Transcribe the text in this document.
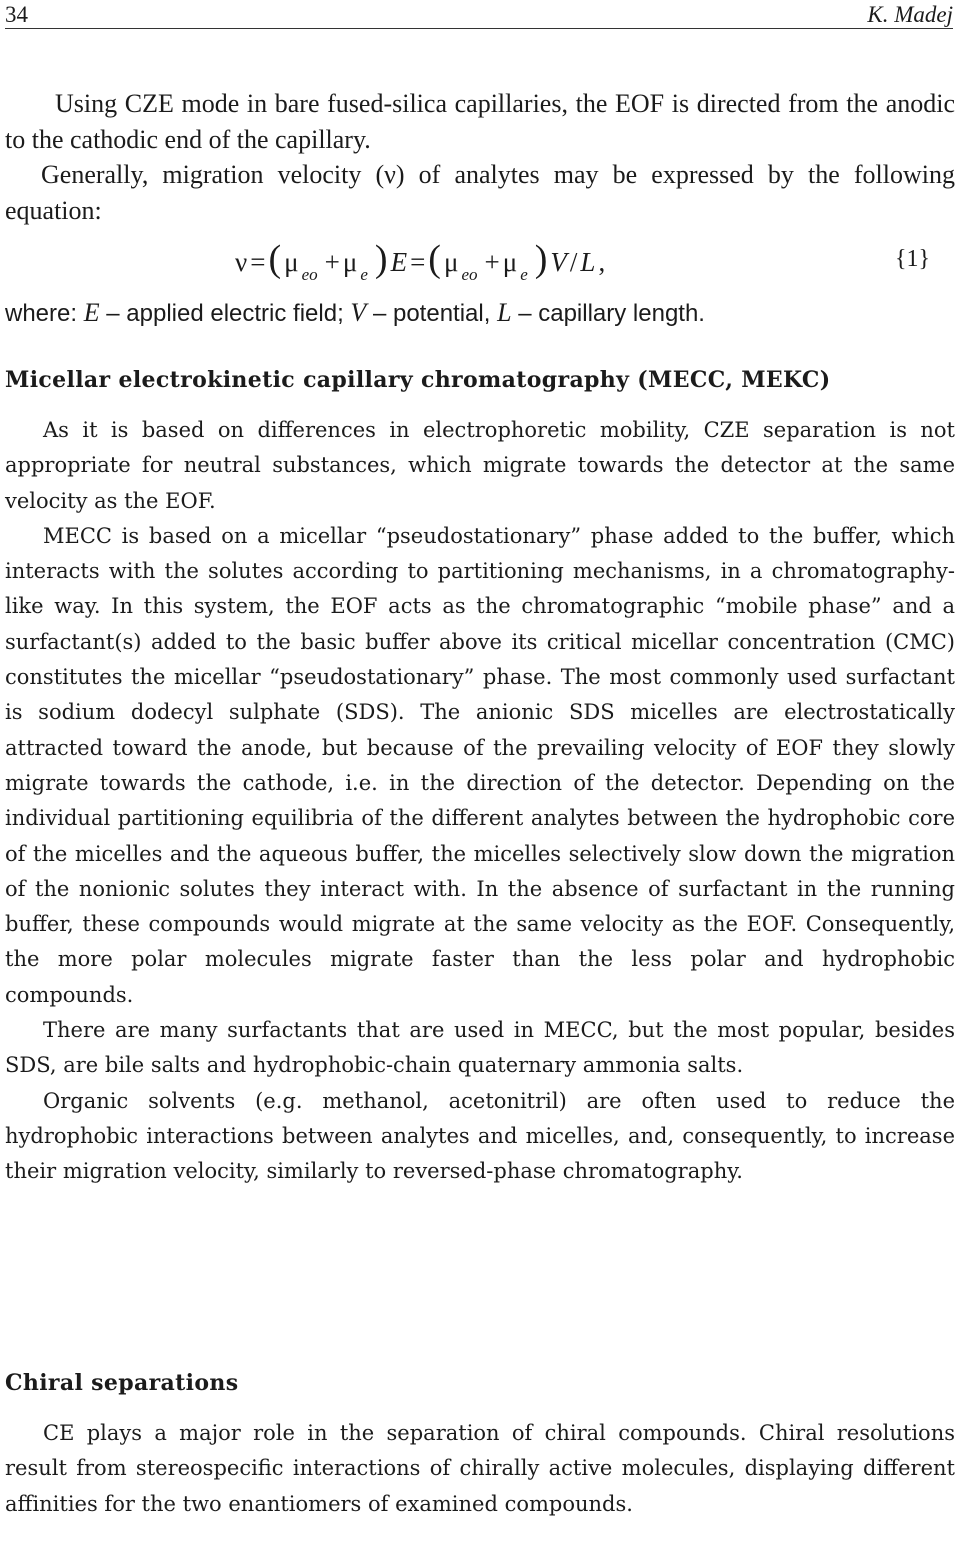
34	K. Madej

Using CZE mode in bare fused-silica capillaries, the EOF is directed from the anodic to the cathodic end of the capillary.

Generally, migration velocity (ν) of analytes may be expressed by the following equation:

ν = ( μ eo + μ e ) E = ( μ eo + μ e ) V / L ,	{1}
where: E – applied electric field; V – potential, L – capillary length.
Micellar electrokinetic capillary chromatography (MECC, MEKC)

As it is based on differences in electrophoretic mobility, CZE separation is not appropriate for neutral substances, which migrate towards the detector at the same velocity as the EOF.

MECC is based on a micellar “pseudostationary” phase added to the buffer, which interacts with the solutes according to partitioning mechanisms, in a chromatography-like way. In this system, the EOF acts as the chromatographic “mobile phase” and a surfactant(s) added to the basic buffer above its critical micellar concentration (CMC) constitutes the micellar “pseudostationary” phase. The most commonly used surfactant is sodium dodecyl sulphate (SDS). The anionic SDS micelles are electrostatically attracted toward the anode, but because of the prevailing velocity of EOF they slowly migrate towards the cathode, i.e. in the direction of the detector. Depending on the individual partitioning equilibria of the different analytes between the hydrophobic core of the micelles and the aqueous buffer, the micelles selectively slow down the migration of the nonionic solutes they interact with. In the absence of surfactant in the running buffer, these compounds would migrate at the same velocity as the EOF. Consequently, the more polar molecules migrate faster than the less polar and hydrophobic compounds.

There are many surfactants that are used in MECC, but the most popular, besides SDS, are bile salts and hydrophobic-chain quaternary ammonia salts.

Organic solvents (e.g. methanol, acetonitril) are often used to reduce the hydrophobic interactions between analytes and micelles, and, consequently, to increase their migration velocity, similarly to reversed-phase chromatography.

Chiral separations

CE plays a major role in the separation of chiral compounds. Chiral resolutions result from stereospecific interactions of chirally active molecules, displaying different affinities for the two enantiomers of examined compounds.
